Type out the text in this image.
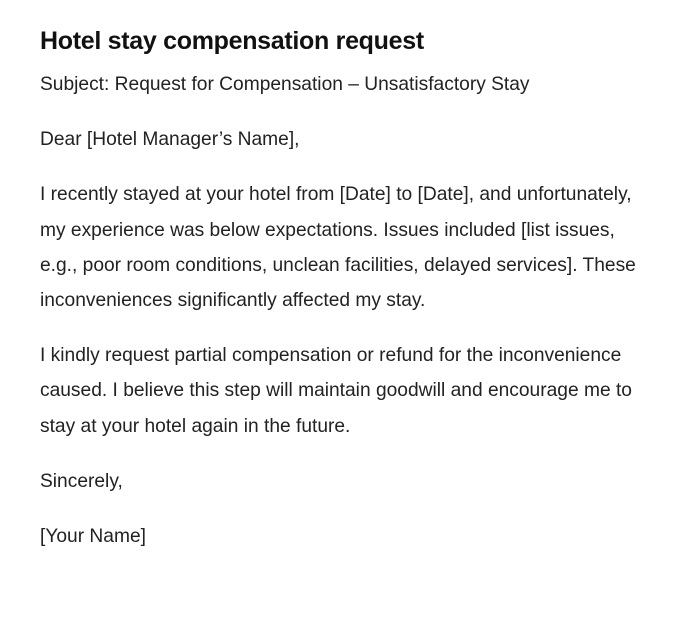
Hotel stay compensation request

Subject: Request for Compensation – Unsatisfactory Stay

Dear [Hotel Manager’s Name],

I recently stayed at your hotel from [Date] to [Date], and unfortunately, my experience was below expectations. Issues included [list issues, e.g., poor room conditions, unclean facilities, delayed services]. These inconveniences significantly affected my stay.

I kindly request partial compensation or refund for the inconvenience caused. I believe this step will maintain goodwill and encourage me to stay at your hotel again in the future.

Sincerely,

[Your Name]
